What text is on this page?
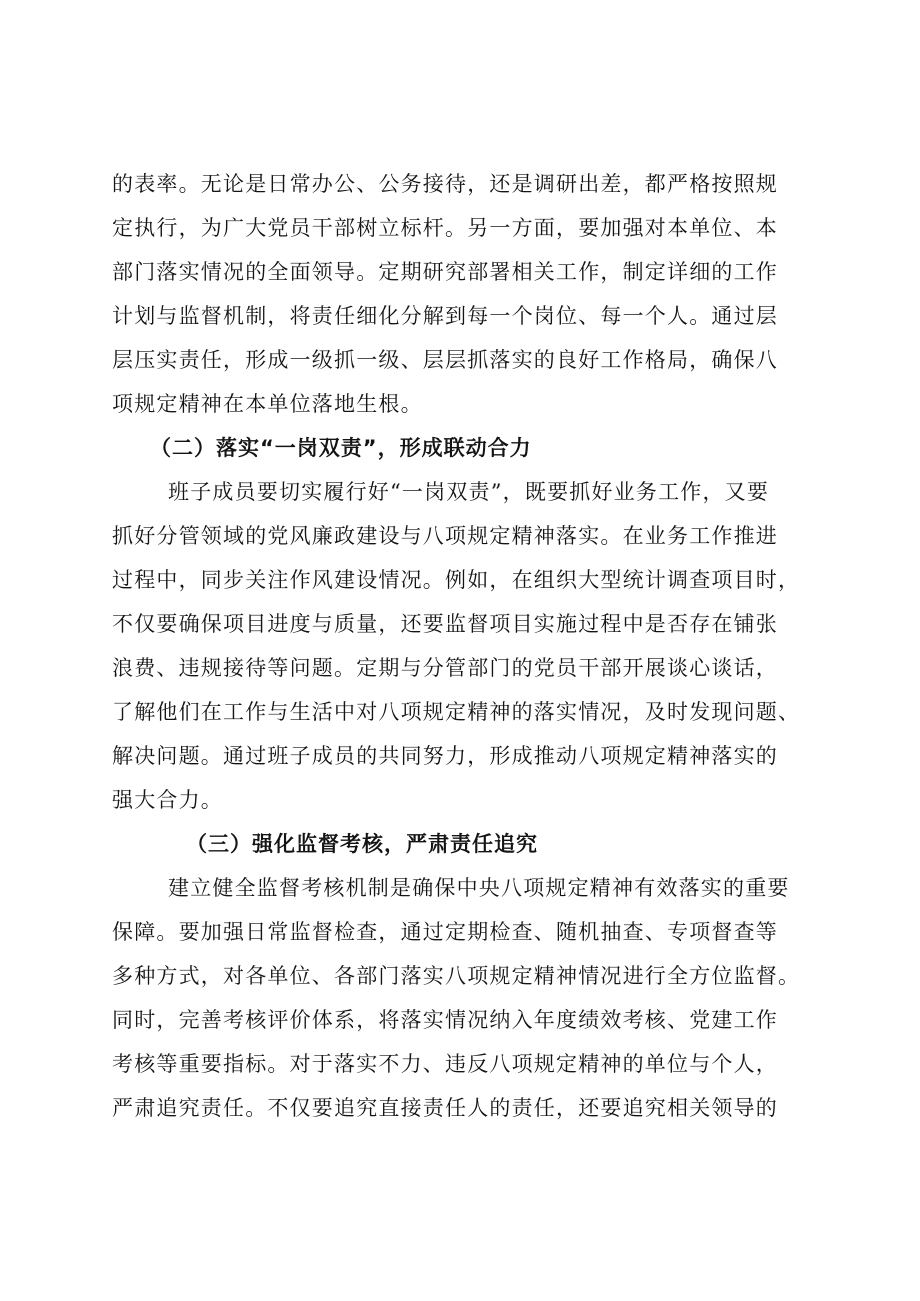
的表率。无论是日常办公、公务接待，还是调研出差，都严格按照规
定执行，为广大党员干部树立标杆。另一方面，要加强对本单位、本
部门落实情况的全面领导。定期研究部署相关工作，制定详细的工作
计划与监督机制，将责任细化分解到每一个岗位、每一个人。通过层
层压实责任，形成一级抓一级、层层抓落实的良好工作格局，确保八
项规定精神在本单位落地生根。
（二）落实“一岗双责”，形成联动合力
班子成员要切实履行好“一岗双责”，既要抓好业务工作，又要
抓好分管领域的党风廉政建设与八项规定精神落实。在业务工作推进
过程中，同步关注作风建设情况。例如，在组织大型统计调查项目时，
不仅要确保项目进度与质量，还要监督项目实施过程中是否存在铺张
浪费、违规接待等问题。定期与分管部门的党员干部开展谈心谈话，
了解他们在工作与生活中对八项规定精神的落实情况，及时发现问题、
解决问题。通过班子成员的共同努力，形成推动八项规定精神落实的
强大合力。
（三）强化监督考核，严肃责任追究
建立健全监督考核机制是确保中央八项规定精神有效落实的重要
保障。要加强日常监督检查，通过定期检查、随机抽查、专项督查等
多种方式，对各单位、各部门落实八项规定精神情况进行全方位监督。
同时，完善考核评价体系，将落实情况纳入年度绩效考核、党建工作
考核等重要指标。对于落实不力、违反八项规定精神的单位与个人，
严肃追究责任。不仅要追究直接责任人的责任，还要追究相关领导的
